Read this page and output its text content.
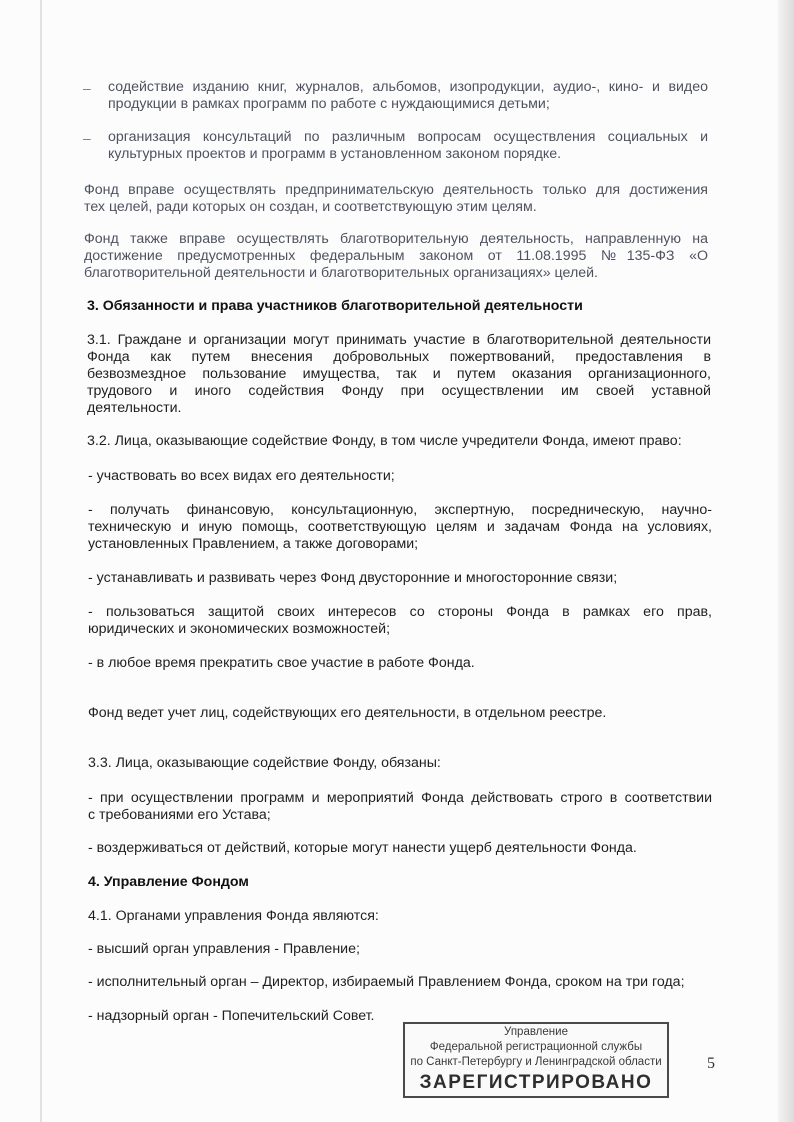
– содействие изданию книг, журналов, альбомов, изопродукции, аудио-, кино- и видео
продукции в рамках программ по работе с нуждающимися детьми;
– организация консультаций по различным вопросам осуществления социальных и
культурных проектов и программ в установленном законом порядке.
Фонд вправе осуществлять предпринимательскую деятельность только для достижения
тех целей, ради которых он создан, и соответствующую этим целям.
Фонд также вправе осуществлять благотворительную деятельность, направленную на
достижение предусмотренных федеральным законом от 11.08.1995 №135-ФЗ «О
благотворительной деятельности и благотворительных организациях» целей.
3. Обязанности и права участников благотворительной деятельности
3.1. Граждане и организации могут принимать участие в благотворительной деятельности
Фонда как путем внесения добровольных пожертвований, предоставления в
безвозмездное пользование имущества, так и путем оказания организационного,
трудового и иного содействия Фонду при осуществлении им своей уставной
деятельности.
3.2. Лица, оказывающие содействие Фонду, в том числе учредители Фонда, имеют право:
- участвовать во всех видах его деятельности;
- получать финансовую, консультационную, экспертную, посредническую, научно-
техническую и иную помощь, соответствующую целям и задачам Фонда на условиях,
установленных Правлением, а также договорами;
- устанавливать и развивать через Фонд двусторонние и многосторонние связи;
- пользоваться защитой своих интересов со стороны Фонда в рамках его прав,
юридических и экономических возможностей;
- в любое время прекратить свое участие в работе Фонда.
Фонд ведет учет лиц, содействующих его деятельности, в отдельном реестре.
3.3. Лица, оказывающие содействие Фонду, обязаны:
- при осуществлении программ и мероприятий Фонда действовать строго в соответствии
с требованиями его Устава;
- воздерживаться от действий, которые могут нанести ущерб деятельности Фонда.
4. Управление Фондом
4.1. Органами управления Фонда являются:
- высший орган управления - Правление;
- исполнительный орган – Директор, избираемый Правлением Фонда, сроком на три года;
- надзорный орган - Попечительский Совет.
Управление
Федеральной регистрационной службы
по Санкт-Петербургу и Ленинградской области
ЗАРЕГИСТРИРОВАНО
5
